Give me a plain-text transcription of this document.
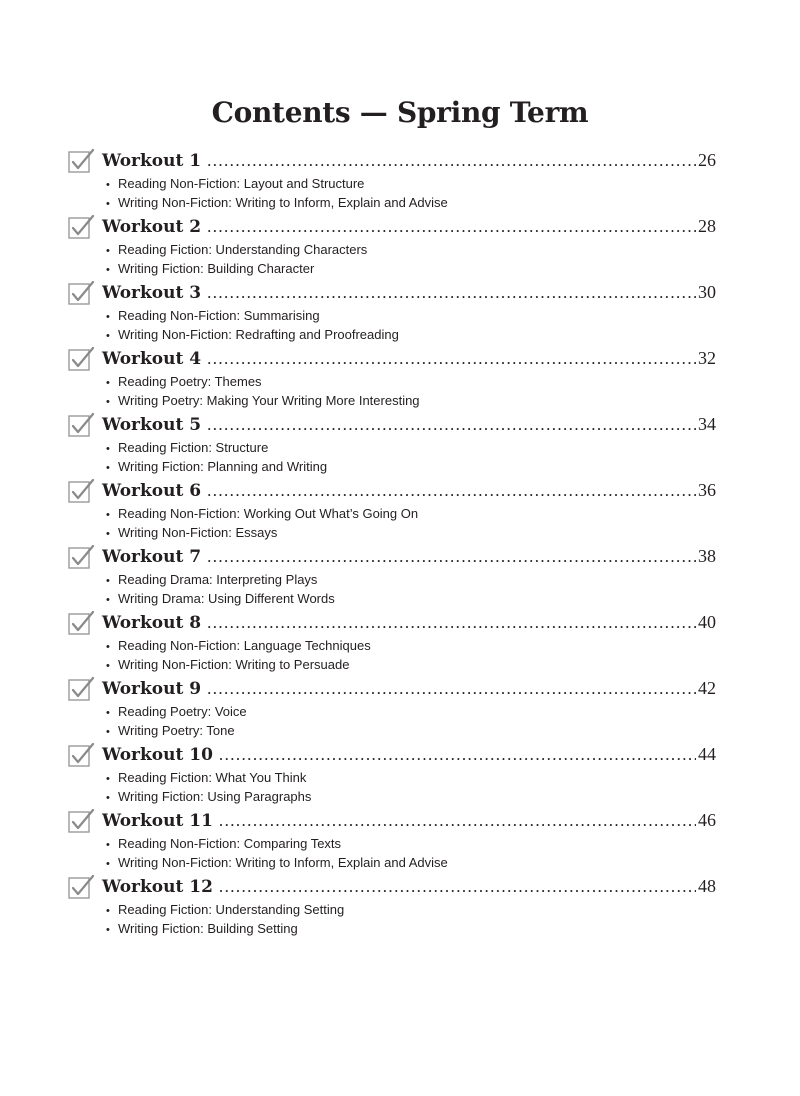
Contents — Spring Term
Workout 1 .....	26
• Reading Non-Fiction: Layout and Structure
• Writing Non-Fiction: Writing to Inform, Explain and Advise
Workout 2 .....	28
• Reading Fiction: Understanding Characters
• Writing Fiction: Building Character
Workout 3 .....	30
• Reading Non-Fiction: Summarising
• Writing Non-Fiction: Redrafting and Proofreading
Workout 4 .....	32
• Reading Poetry: Themes
• Writing Poetry: Making Your Writing More Interesting
Workout 5 .....	34
• Reading Fiction: Structure
• Writing Fiction: Planning and Writing
Workout 6 .....	36
• Reading Non-Fiction: Working Out What’s Going On
• Writing Non-Fiction: Essays
Workout 7 .....	38
• Reading Drama: Interpreting Plays
• Writing Drama: Using Different Words
Workout 8 .....	40
• Reading Non-Fiction: Language Techniques
• Writing Non-Fiction: Writing to Persuade
Workout 9 .....	42
• Reading Poetry: Voice
• Writing Poetry: Tone
Workout 10 .....	44
• Reading Fiction: What You Think
• Writing Fiction: Using Paragraphs
Workout 11 .....	46
• Reading Non-Fiction: Comparing Texts
• Writing Non-Fiction: Writing to Inform, Explain and Advise
Workout 12 .....	48
• Reading Fiction: Understanding Setting
• Writing Fiction: Building Setting
